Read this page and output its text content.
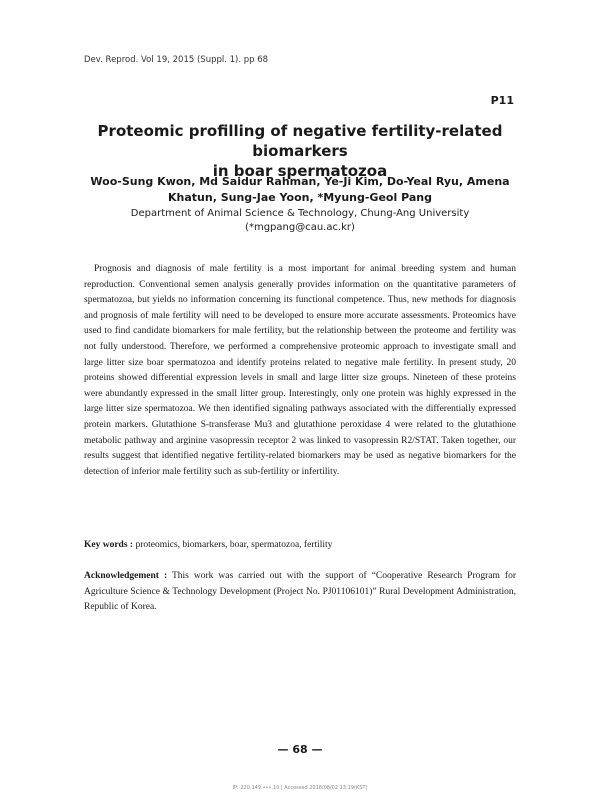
Dev. Reprod. Vol 19, 2015 (Suppl. 1). pp 68
P11
Proteomic profilling of negative fertility-related biomarkers
in boar spermatozoa
Woo-Sung Kwon, Md Saidur Rahman, Ye-Ji Kim, Do-Yeal Ryu, Amena Khatun, Sung-Jae Yoon, *Myung-Geol Pang
Department of Animal Science & Technology, Chung-Ang University
(*mgpang@cau.ac.kr)

Prognosis and diagnosis of male fertility is a most important for animal breeding system and human reproduction. Conventional semen analysis generally provides information on the quantitative parameters of spermatozoa, but yields no information concerning its functional competence. Thus, new methods for diagnosis and prognosis of male fertility will need to be developed to ensure more accurate assessments. Proteomics have used to find candidate biomarkers for male fertility, but the relationship between the proteome and fertility was not fully understood. Therefore, we performed a comprehensive proteomic approach to investigate small and large litter size boar spermatozoa and identify proteins related to negative male fertility. In present study, 20 proteins showed differential expression levels in small and large litter size groups. Nineteen of these proteins were abundantly expressed in the small litter group. Interestingly, only one protein was highly expressed in the large litter size spermatozoa. We then identified signaling pathways associated with the differentially expressed protein markers. Glutathione S-transferase Mu3 and glutathione peroxidase 4 were related to the glutathione metabolic pathway and arginine vasopressin receptor 2 was linked to vasopressin R2/STAT. Taken together, our results suggest that identified negative fertility-related biomarkers may be used as negative biomarkers for the detection of inferior male fertility such as sub-fertility or infertility.

Key words : proteomics, biomarkers, boar, spermatozoa, fertility

Acknowledgement : This work was carried out with the support of “Cooperative Research Program for Agriculture Science & Technology Development (Project No. PJ01106101)” Rural Development Administration, Republic of Korea.

— 68 —
IP: 220.149.•••.10 | Accessed 2018/08/02 13:19(KST)
